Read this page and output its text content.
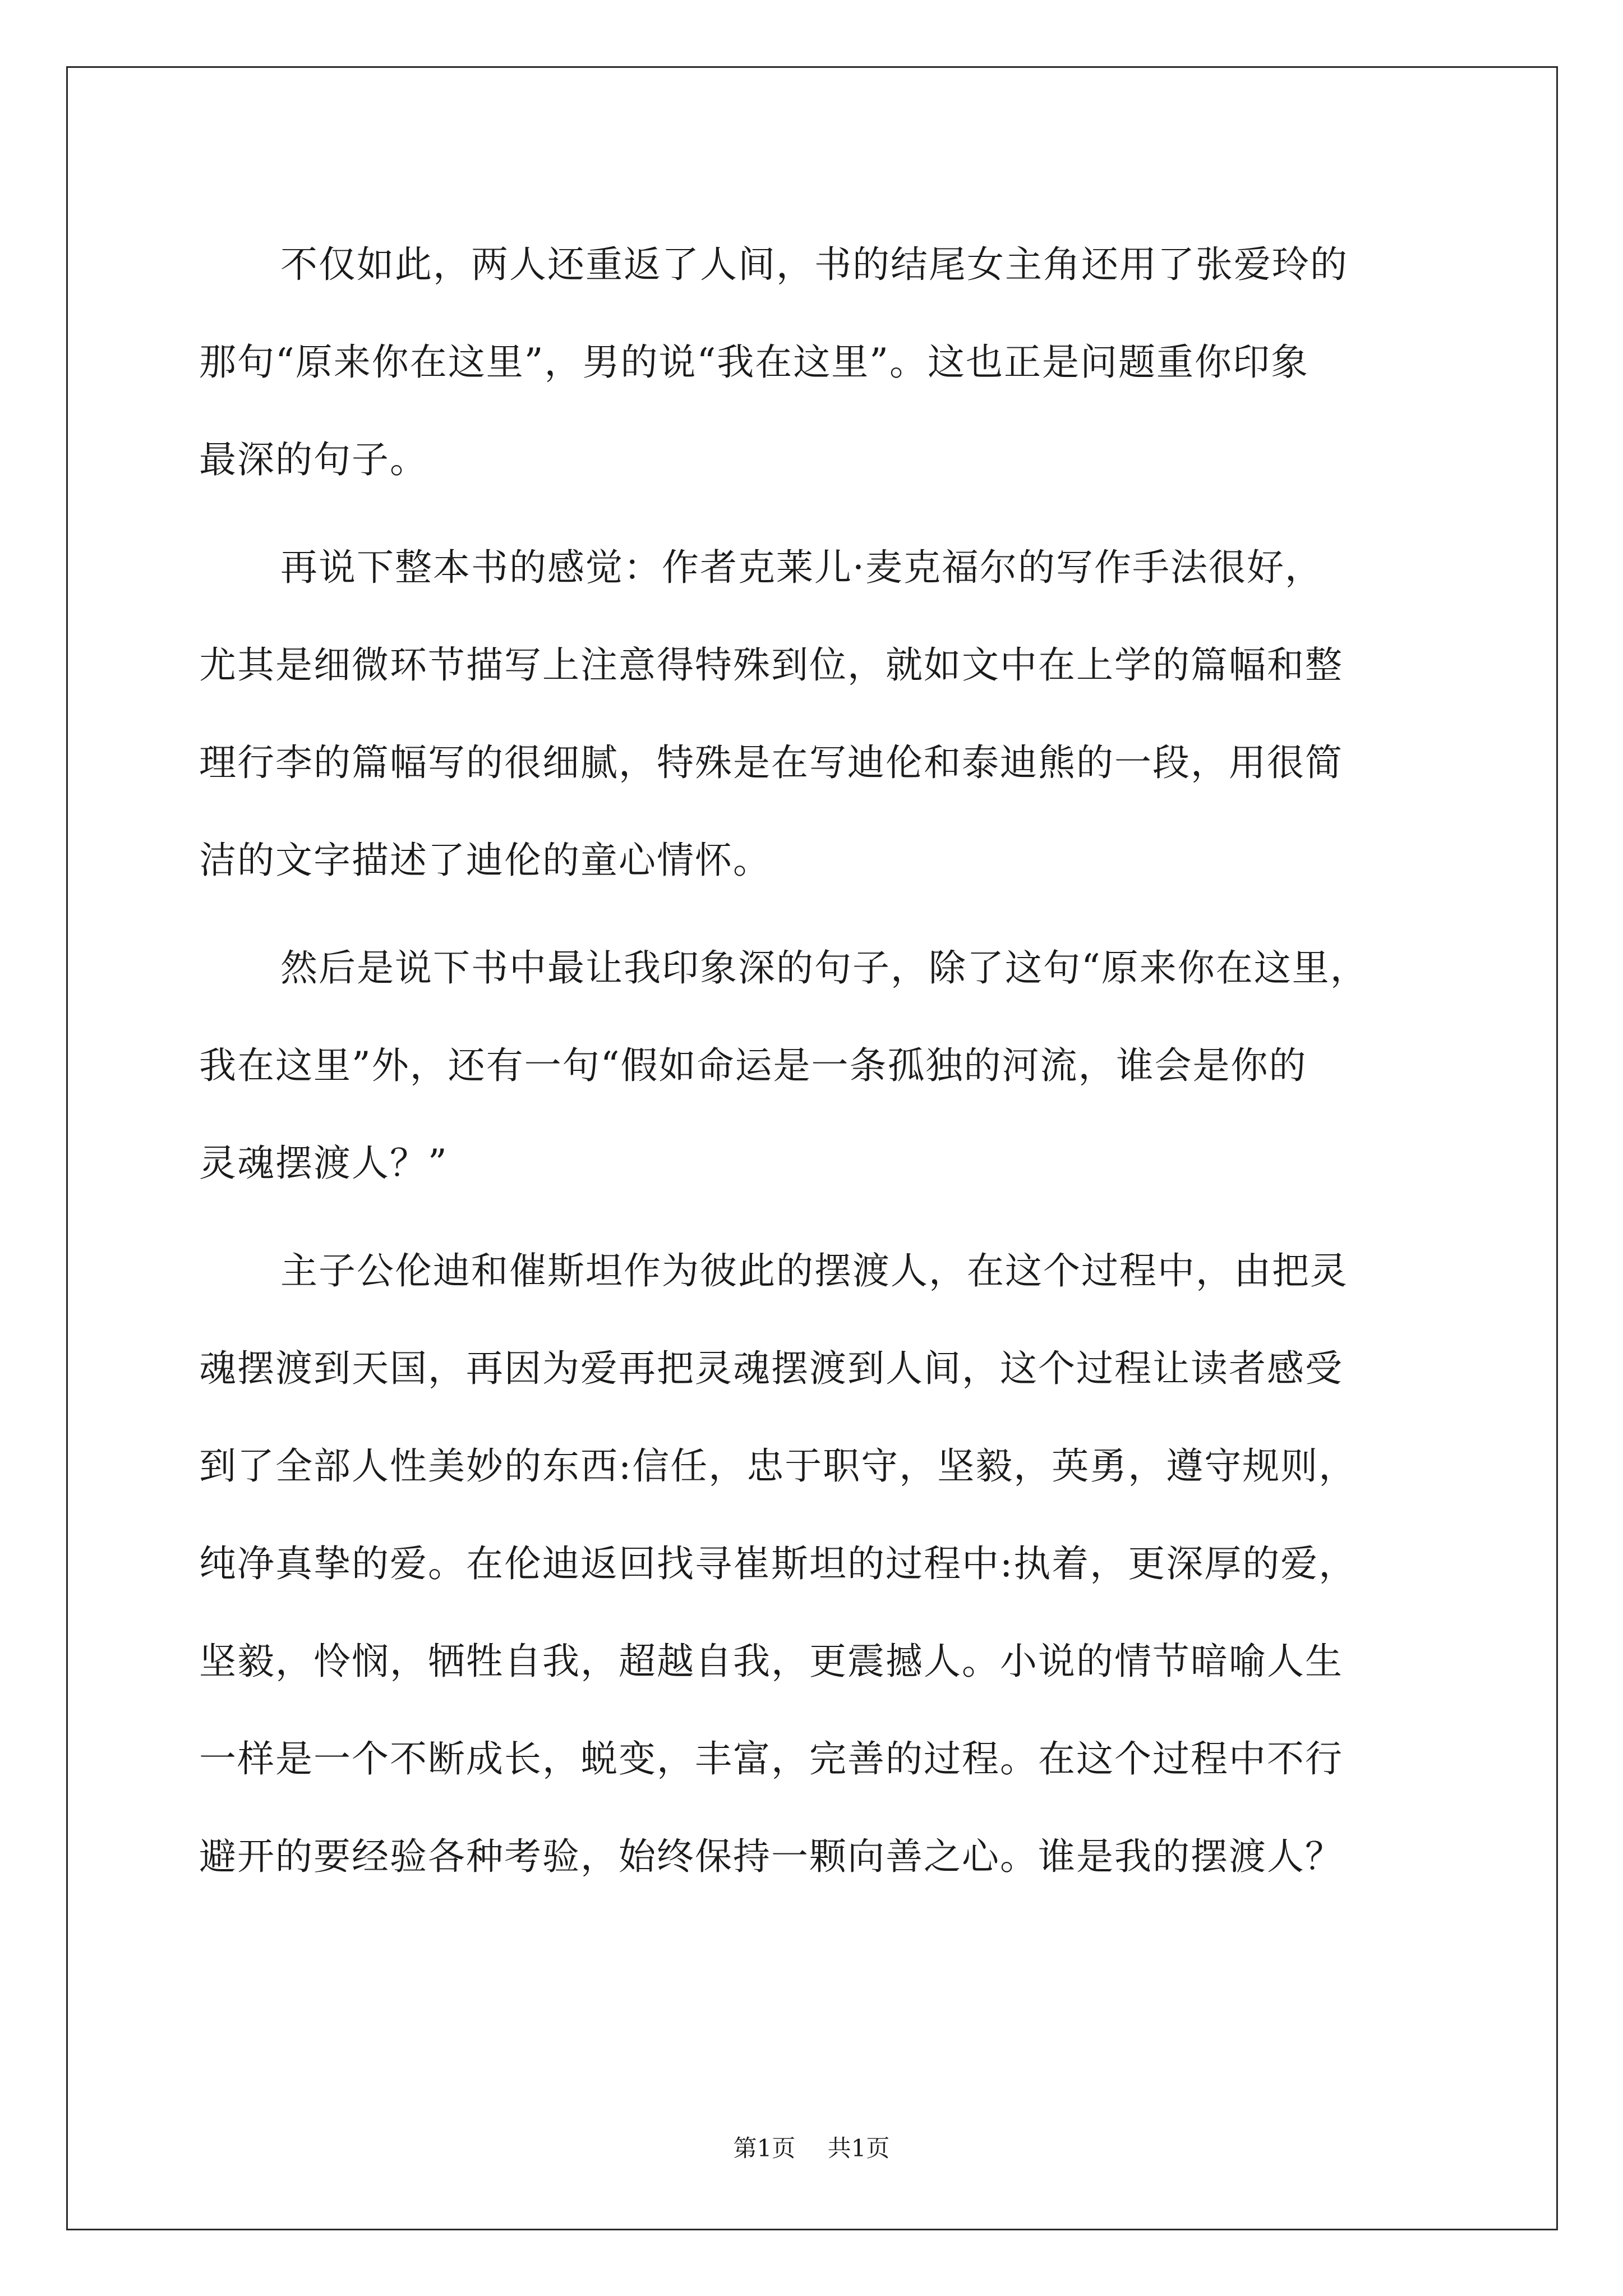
不仅如此，两人还重返了人间，书的结尾女主角还用了张爱玲的
那句“原来你在这里”，男的说“我在这里”。这也正是问题重你印象
最深的句子。
再说下整本书的感觉：作者克莱儿·麦克福尔的写作手法很好，
尤其是细微环节描写上注意得特殊到位，就如文中在上学的篇幅和整
理行李的篇幅写的很细腻，特殊是在写迪伦和泰迪熊的一段，用很简
洁的文字描述了迪伦的童心情怀。
然后是说下书中最让我印象深的句子，除了这句“原来你在这里，
我在这里”外，还有一句“假如命运是一条孤独的河流，谁会是你的
灵魂摆渡人？”
主子公伦迪和催斯坦作为彼此的摆渡人，在这个过程中，由把灵
魂摆渡到天国，再因为爱再把灵魂摆渡到人间，这个过程让读者感受
到了全部人性美妙的东西:信任，忠于职守，坚毅，英勇，遵守规则，
纯净真挚的爱。在伦迪返回找寻崔斯坦的过程中:执着，更深厚的爱，
坚毅，怜悯，牺牲自我，超越自我，更震撼人。小说的情节暗喻人生
一样是一个不断成长，蜕变，丰富，完善的过程。在这个过程中不行
避开的要经验各种考验，始终保持一颗向善之心。谁是我的摆渡人？
第1页 共1页
